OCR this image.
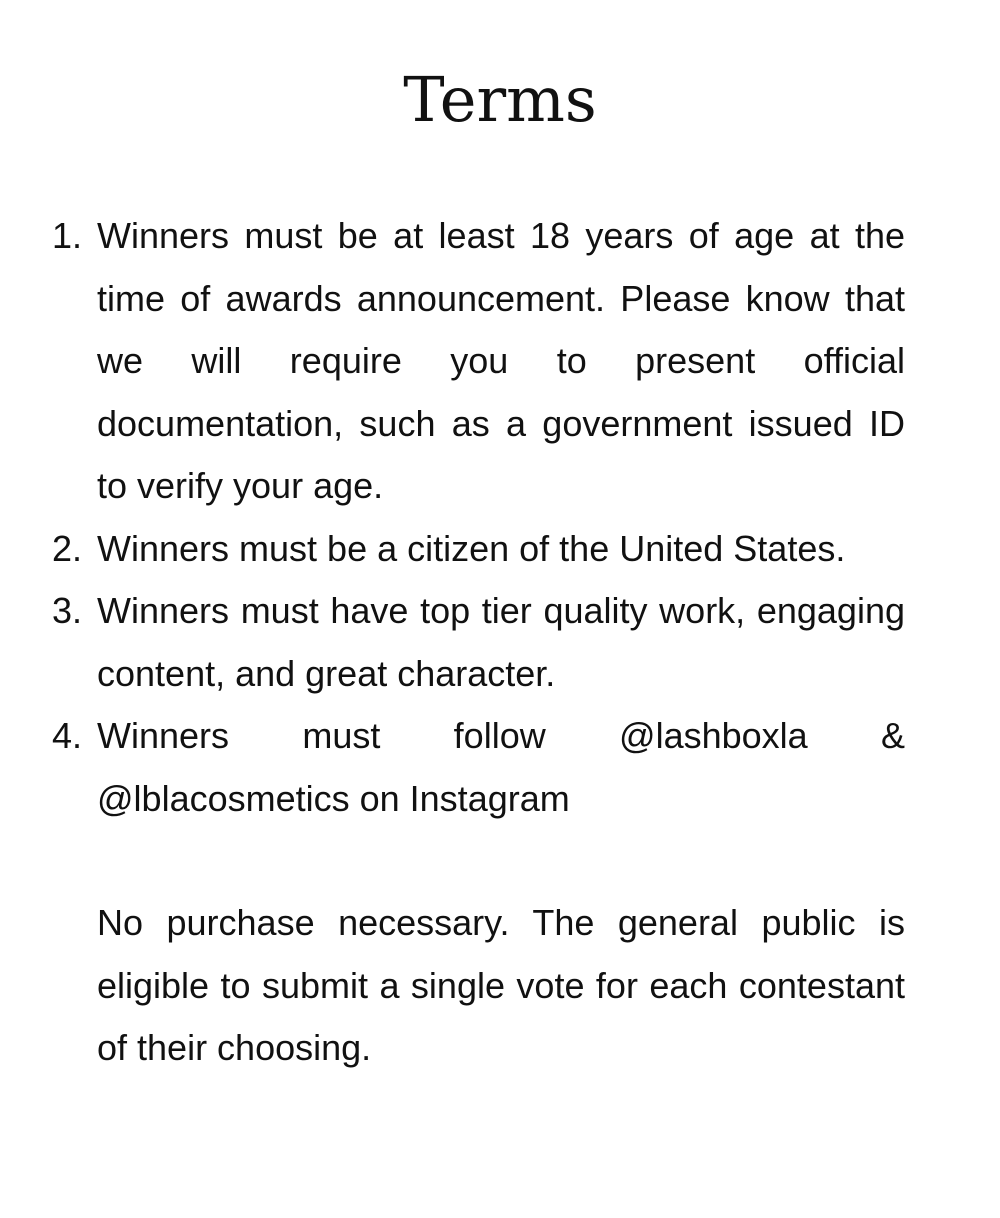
Terms
1. Winners must be at least 18 years of age at the time of awards announcement. Please know that we will require you to present official documentation, such as a government issued ID to verify your age.
2. Winners must be a citizen of the United States.
3. Winners must have top tier quality work, engaging content, and great character.
4. Winners must follow @lashboxla & @lblacosmetics on Instagram

No purchase necessary. The general public is eligible to submit a single vote for each contestant of their choosing.
